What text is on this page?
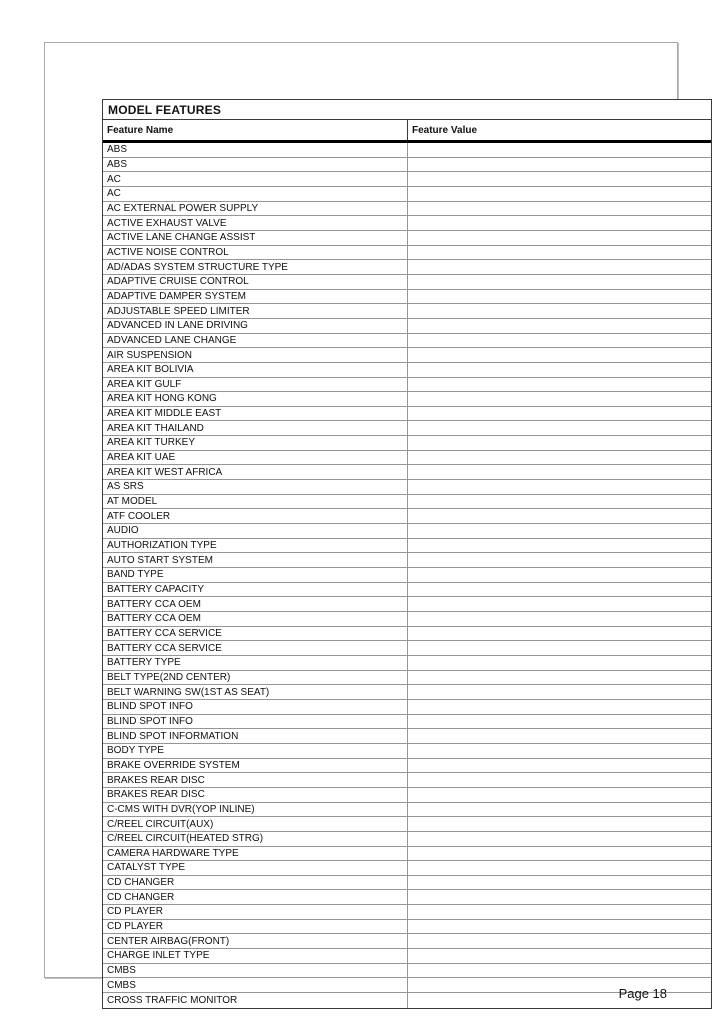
MODEL FEATURES
Feature Name	Feature Value
ABS
ABS
AC
AC
AC EXTERNAL POWER SUPPLY
ACTIVE EXHAUST VALVE
ACTIVE LANE CHANGE ASSIST
ACTIVE NOISE CONTROL
AD/ADAS SYSTEM STRUCTURE TYPE
ADAPTIVE CRUISE CONTROL
ADAPTIVE DAMPER SYSTEM
ADJUSTABLE SPEED LIMITER
ADVANCED IN LANE DRIVING
ADVANCED LANE CHANGE
AIR SUSPENSION
AREA KIT BOLIVIA
AREA KIT GULF
AREA KIT HONG KONG
AREA KIT MIDDLE EAST
AREA KIT THAILAND
AREA KIT TURKEY
AREA KIT UAE
AREA KIT WEST AFRICA
AS SRS
AT MODEL
ATF COOLER
AUDIO
AUTHORIZATION TYPE
AUTO START SYSTEM
BAND TYPE
BATTERY CAPACITY
BATTERY CCA OEM
BATTERY CCA OEM
BATTERY CCA SERVICE
BATTERY CCA SERVICE
BATTERY TYPE
BELT TYPE(2ND CENTER)
BELT WARNING SW(1ST AS SEAT)
BLIND SPOT INFO
BLIND SPOT INFO
BLIND SPOT INFORMATION
BODY TYPE
BRAKE OVERRIDE SYSTEM
BRAKES REAR DISC
BRAKES REAR DISC
C-CMS WITH DVR(YOP INLINE)
C/REEL CIRCUIT(AUX)
C/REEL CIRCUIT(HEATED STRG)
CAMERA HARDWARE TYPE
CATALYST TYPE
CD CHANGER
CD CHANGER
CD PLAYER
CD PLAYER
CENTER AIRBAG(FRONT)
CHARGE INLET TYPE
CMBS
CMBS
CROSS TRAFFIC MONITOR	Page 18
